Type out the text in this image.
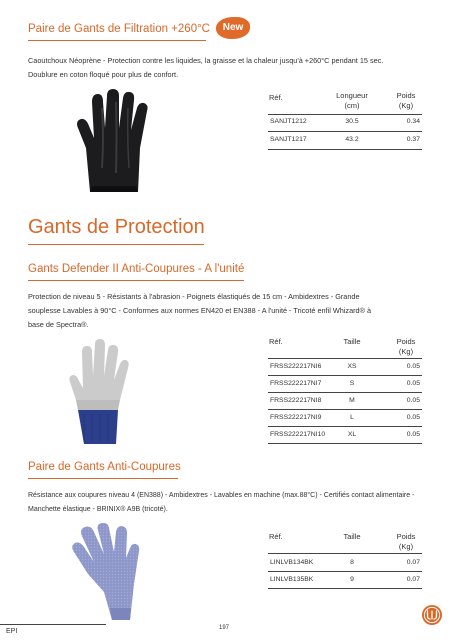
Paire de Gants de Filtration +260°C	New
Caoutchoux Néoprène - Protection contre les liquides, la graisse et la chaleur jusqu'à +260°C pendant 15 sec.
Doublure en coton floqué pour plus de confort.
Réf.	Longueur
(cm)
Poids
(Kg)
SANJT1212	30.5	0.34
SANJT1217	43.2	0.37
Gants de Protection
Gants Defender II Anti-Coupures - A l'unité
Protection de niveau 5 - Résistants à l'abrasion - Poignets élastiqués de 15 cm - Ambidextres - Grande
souplesse Lavables à 90°C - Conformes aux normes EN420 et EN388 - A l'unité - Tricoté enfil Whizard® à
base de Spectra®.
Réf.	Taille	Poids
(Kg)
FRSS222217NI6	XS	0.05
FRSS222217NI7	S	0.05
FRSS222217NI8	M	0.05
FRSS222217NI9	L	0.05
FRSS222217NI10	XL	0.05
Paire de Gants Anti-Coupures
Résistance aux coupures niveau 4 (EN388) - Ambidextres - Lavables en machine (max.88°C) - Certifiés contact alimentaire -
Manchette élastique - BRINIX® A9B (tricoté).
Réf.	Taille	Poids
(Kg)
LINLVB134BK	8	0.07
LINLVB135BK	9	0.07
EPI	197
